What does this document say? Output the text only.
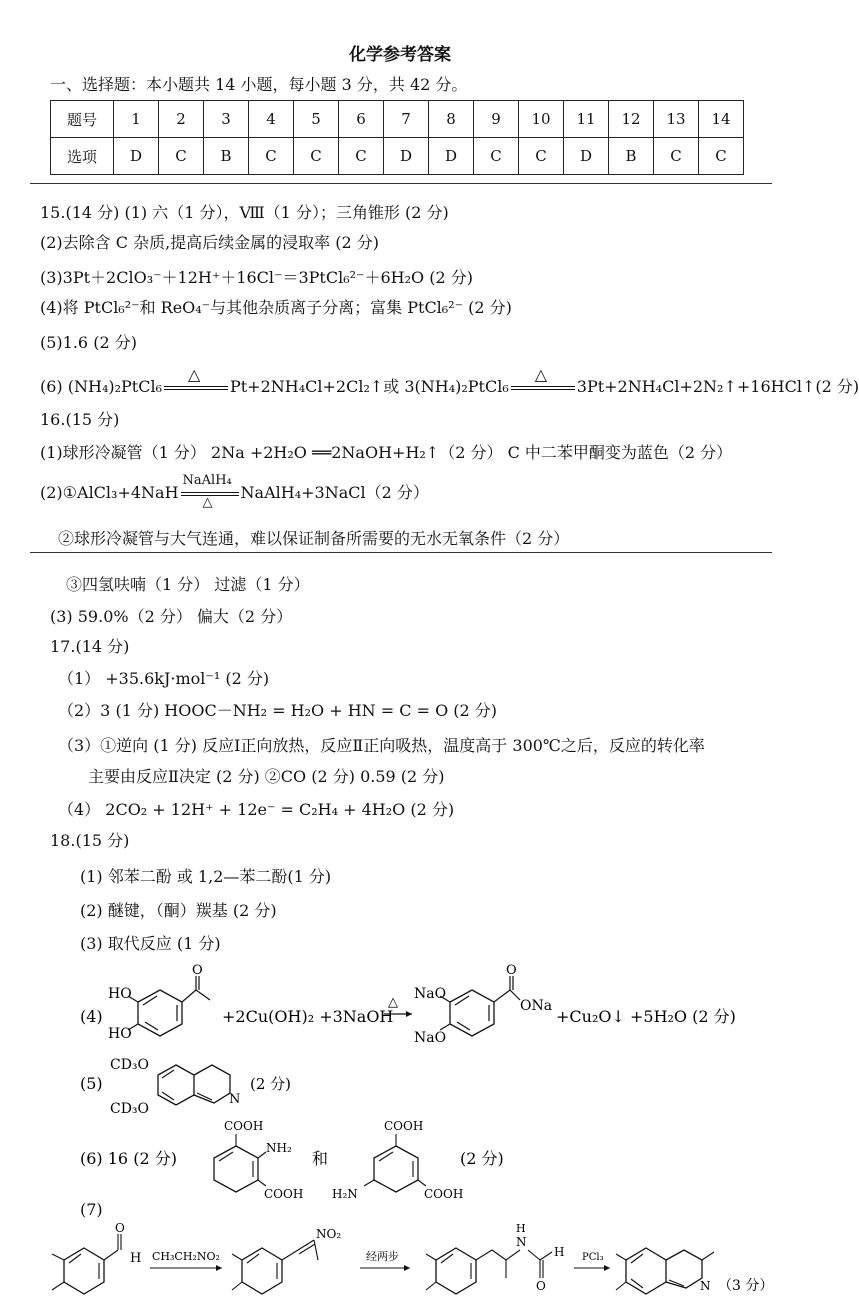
化学参考答案
一、选择题：本小题共 14 小题，每小题 3 分，共 42 分。
题号	1	2	3	4	5	6	7	8	9	10	11	12	13	14
选项	D	C	B	C	C	C	D	D	C	C	D	B	C	C
15.(14 分) (1) 六（1 分），Ⅷ（1 分）；三角锥形 (2 分)
(2)去除含 C 杂质,提高后续金属的浸取率 (2 分)
(3)3Pt＋2ClO₃⁻＋12H⁺＋16Cl⁻＝3PtCl₆²⁻＋6H₂O (2 分)
(4)将 PtCl₆²⁻和 ReO₄⁻与其他杂质离子分离；富集 PtCl₆²⁻ (2 分)
(5)1.6 (2 分)
(6) (NH₄)₂PtCl₆
△
Pt+2NH₄Cl+2Cl₂↑或 3(NH₄)₂PtCl₆
△
3Pt+2NH₄Cl+2N₂↑+16HCl↑(2 分)
16.(15 分)
(1)球形冷凝管（1 分） 2Na +2H₂O ══2NaOH+H₂↑（2 分） C 中二苯甲酮变为蓝色（2 分）
(2)①AlCl₃+4NaH
NaAlH₄
△ NaAlH₄+3NaCl（2 分）
②球形冷凝管与大气连通，难以保证制备所需要的无水无氧条件（2 分）
③四氢呋喃（1 分） 过滤（1 分）
(3) 59.0%（2 分） 偏大（2 分）
17.(14 分)
（1） +35.6kJ·mol⁻¹ (2 分)
（2）3 (1 分) HOOC－NH₂ = H₂O + HN = C = O (2 分)
（3）①逆向 (1 分) 反应Ⅰ正向放热，反应Ⅱ正向吸热，温度高于 300℃之后，反应的转化率
主要由反应Ⅱ决定 (2 分) ②CO (2 分) 0.59 (2 分)
（4） 2CO₂ + 12H⁺ + 12e⁻ = C₂H₄ + 4H₂O (2 分)
18.(15 分)
(1) 邻苯二酚 或 1,2—苯二酚(1 分)
(2) 醚键，（酮）羰基 (2 分)
(3) 取代反应 (1 分)
(4)
HO
HO
O
+2Cu(OH)₂ +3NaOH
△
NaO
NaO
O
ONa
+Cu₂O↓ +5H₂O (2 分)
(5)
CD₃O
CD₃O
N
(2 分)
(6) 16 (2 分)
COOH
NH₂
COOH
和
COOH
H₂N	COOH
(2 分)
(7)
O
H CH₃CH₂NO₂
NO₂
经两步
N
H
O
H PCl₃
N （3 分）
